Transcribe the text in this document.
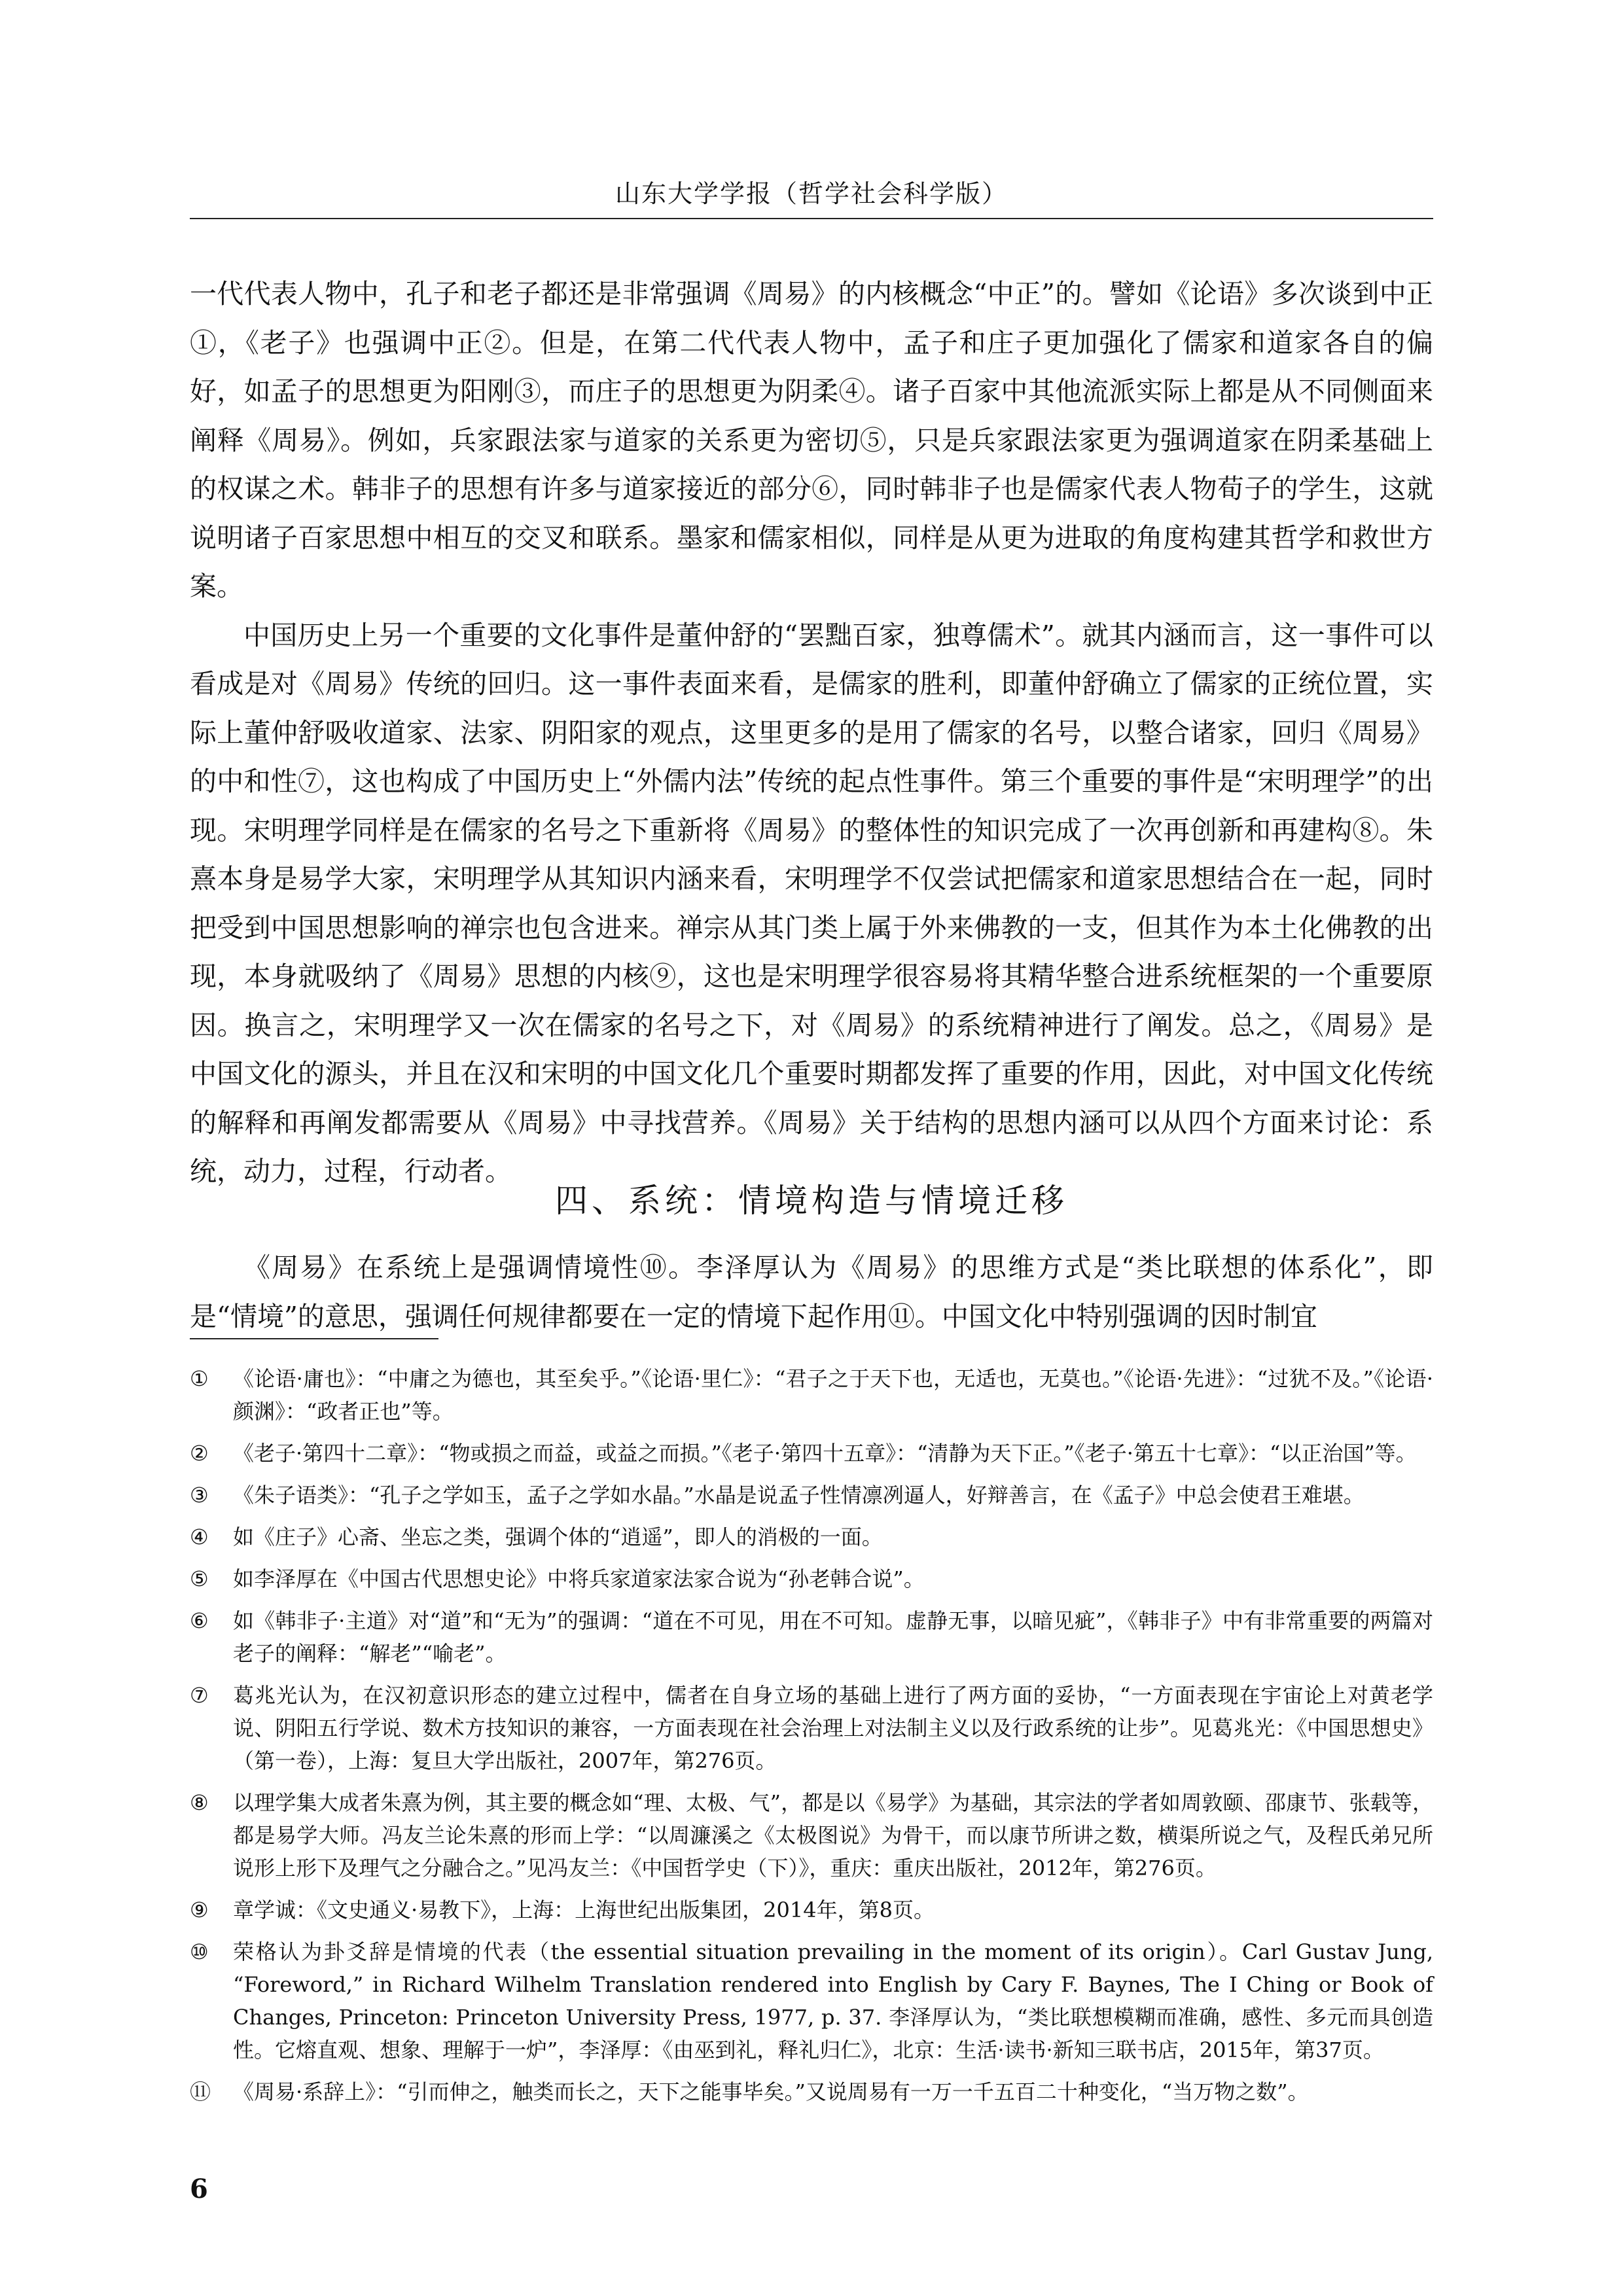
山东大学学报（哲学社会科学版）

一代代表人物中，孔子和老子都还是非常强调《周易》的内核概念“中正”的。譬如《论语》多次谈到中正①，《老子》也强调中正②。但是，在第二代代表人物中，孟子和庄子更加强化了儒家和道家各自的偏好，如孟子的思想更为阳刚③，而庄子的思想更为阴柔④。诸子百家中其他流派实际上都是从不同侧面来阐释《周易》。例如，兵家跟法家与道家的关系更为密切⑤，只是兵家跟法家更为强调道家在阴柔基础上的权谋之术。韩非子的思想有许多与道家接近的部分⑥，同时韩非子也是儒家代表人物荀子的学生，这就说明诸子百家思想中相互的交叉和联系。墨家和儒家相似，同样是从更为进取的角度构建其哲学和救世方案。

中国历史上另一个重要的文化事件是董仲舒的“罢黜百家，独尊儒术”。就其内涵而言，这一事件可以看成是对《周易》传统的回归。这一事件表面来看，是儒家的胜利，即董仲舒确立了儒家的正统位置，实际上董仲舒吸收道家、法家、阴阳家的观点，这里更多的是用了儒家的名号，以整合诸家，回归《周易》的中和性⑦，这也构成了中国历史上“外儒内法”传统的起点性事件。第三个重要的事件是“宋明理学”的出现。宋明理学同样是在儒家的名号之下重新将《周易》的整体性的知识完成了一次再创新和再建构⑧。朱熹本身是易学大家，宋明理学从其知识内涵来看，宋明理学不仅尝试把儒家和道家思想结合在一起，同时把受到中国思想影响的禅宗也包含进来。禅宗从其门类上属于外来佛教的一支，但其作为本土化佛教的出现，本身就吸纳了《周易》思想的内核⑨，这也是宋明理学很容易将其精华整合进系统框架的一个重要原因。换言之，宋明理学又一次在儒家的名号之下，对《周易》的系统精神进行了阐发。总之，《周易》是中国文化的源头，并且在汉和宋明的中国文化几个重要时期都发挥了重要的作用，因此，对中国文化传统的解释和再阐发都需要从《周易》中寻找营养。《周易》关于结构的思想内涵可以从四个方面来讨论：系统，动力，过程，行动者。

四、系统：情境构造与情境迁移

《周易》在系统上是强调情境性⑩。李泽厚认为《周易》的思维方式是“类比联想的体系化”，即是“情境”的意思，强调任何规律都要在一定的情境下起作用⑪。中国文化中特别强调的因时制宜

①	《论语·庸也》：“中庸之为德也，其至矣乎。”《论语·里仁》：“君子之于天下也，无适也，无莫也。”《论语·先进》：“过犹不及。”《论语·颜渊》：“政者正也”等。
②	《老子·第四十二章》：“物或损之而益，或益之而损。”《老子·第四十五章》：“清静为天下正。”《老子·第五十七章》：“以正治国”等。
③	《朱子语类》：“孔子之学如玉，孟子之学如水晶。”水晶是说孟子性情凛冽逼人，好辩善言，在《孟子》中总会使君王难堪。
④	如《庄子》心斋、坐忘之类，强调个体的“逍遥”，即人的消极的一面。
⑤	如李泽厚在《中国古代思想史论》中将兵家道家法家合说为“孙老韩合说”。
⑥	如《韩非子·主道》对“道”和“无为”的强调：“道在不可见，用在不可知。虚静无事，以暗见疵”，《韩非子》中有非常重要的两篇对老子的阐释：“解老”“喻老”。
⑦	葛兆光认为，在汉初意识形态的建立过程中，儒者在自身立场的基础上进行了两方面的妥协，“一方面表现在宇宙论上对黄老学说、阴阳五行学说、数术方技知识的兼容，一方面表现在社会治理上对法制主义以及行政系统的让步”。见葛兆光：《中国思想史》（第一卷），上海：复旦大学出版社，2007年，第276页。
⑧	以理学集大成者朱熹为例，其主要的概念如“理、太极、气”，都是以《易学》为基础，其宗法的学者如周敦颐、邵康节、张载等，都是易学大师。冯友兰论朱熹的形而上学：“以周濂溪之《太极图说》为骨干，而以康节所讲之数，横渠所说之气，及程氏弟兄所说形上形下及理气之分融合之。”见冯友兰：《中国哲学史（下）》，重庆：重庆出版社，2012年，第276页。
⑨	章学诚：《文史通义·易教下》，上海：上海世纪出版集团，2014年，第8页。
⑩	荣格认为卦爻辞是情境的代表（the essential situation prevailing in the moment of its origin）。Carl Gustav Jung, “Foreword,” in Richard Wilhelm Translation rendered into English by Cary F. Baynes, The I Ching or Book of Changes, Princeton: Princeton University Press, 1977, p. 37. 李泽厚认为，“类比联想模糊而准确，感性、多元而具创造性。它熔直观、想象、理解于一炉”，李泽厚：《由巫到礼，释礼归仁》，北京：生活·读书·新知三联书店，2015年，第37页。
⑪	《周易·系辞上》：“引而伸之，触类而长之，天下之能事毕矣。”又说周易有一万一千五百二十种变化，“当万物之数”。
6
